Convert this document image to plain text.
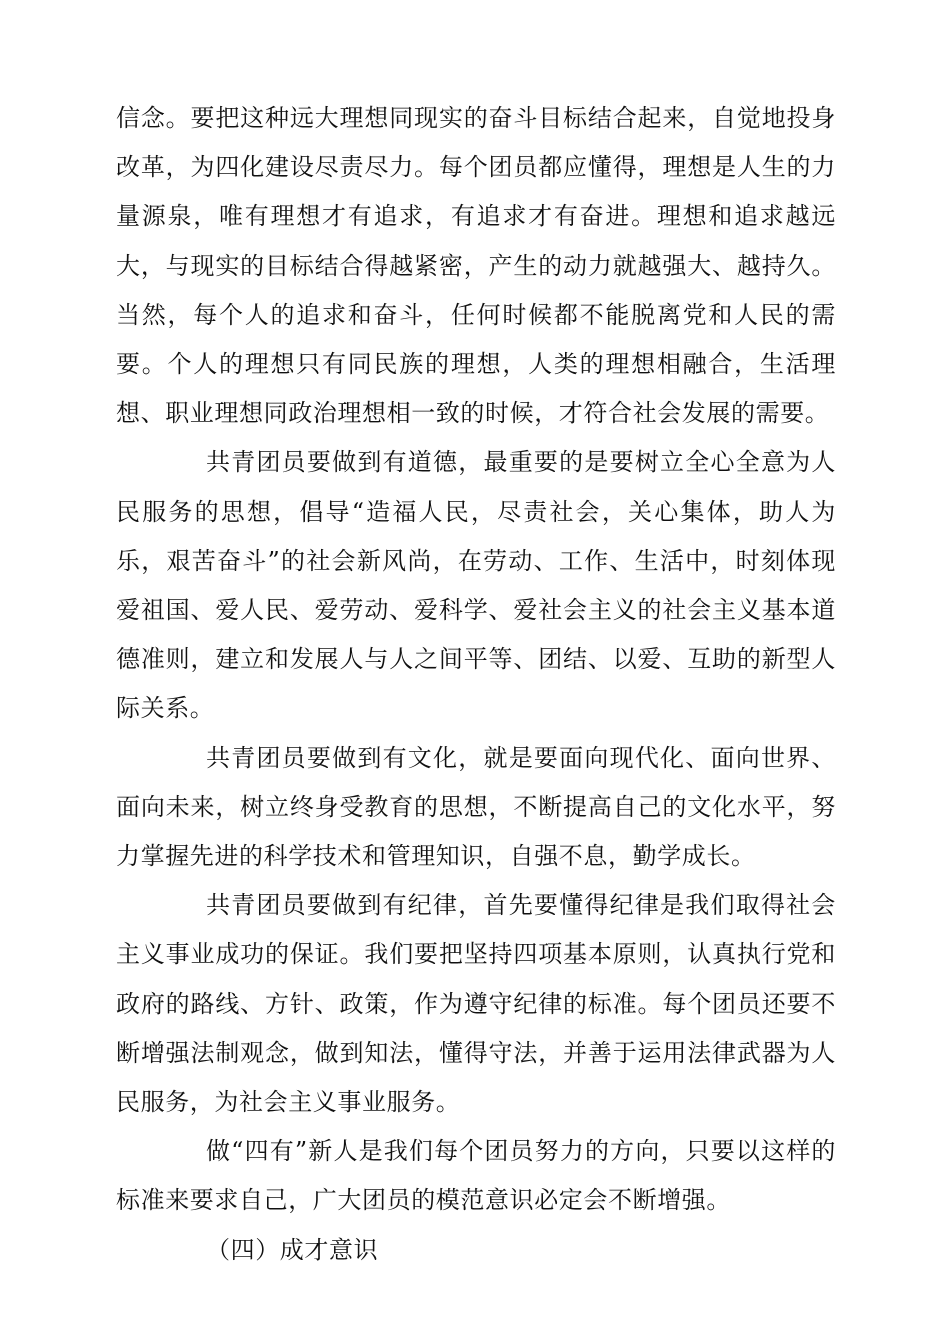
信念。要把这种远大理想同现实的奋斗目标结合起来，自觉地投身改革，为四化建设尽责尽力。每个团员都应懂得，理想是人生的力量源泉，唯有理想才有追求，有追求才有奋进。理想和追求越远大，与现实的目标结合得越紧密，产生的动力就越强大、越持久。当然，每个人的追求和奋斗，任何时候都不能脱离党和人民的需要。个人的理想只有同民族的理想，人类的理想相融合，生活理想、职业理想同政治理想相一致的时候，才符合社会发展的需要。

共青团员要做到有道德，最重要的是要树立全心全意为人民服务的思想，倡导“造福人民，尽责社会，关心集体，助人为乐，艰苦奋斗”的社会新风尚，在劳动、工作、生活中，时刻体现爱祖国、爱人民、爱劳动、爱科学、爱社会主义的社会主义基本道德准则，建立和发展人与人之间平等、团结、以爱、互助的新型人际关系。

共青团员要做到有文化，就是要面向现代化、面向世界、面向未来，树立终身受教育的思想，不断提高自己的文化水平，努力掌握先进的科学技术和管理知识，自强不息，勤学成长。

共青团员要做到有纪律，首先要懂得纪律是我们取得社会主义事业成功的保证。我们要把坚持四项基本原则，认真执行党和政府的路线、方针、政策，作为遵守纪律的标准。每个团员还要不断增强法制观念，做到知法，懂得守法，并善于运用法律武器为人民服务，为社会主义事业服务。

做“四有”新人是我们每个团员努力的方向，只要以这样的标准来要求自己，广大团员的模范意识必定会不断增强。

（四）成才意识
